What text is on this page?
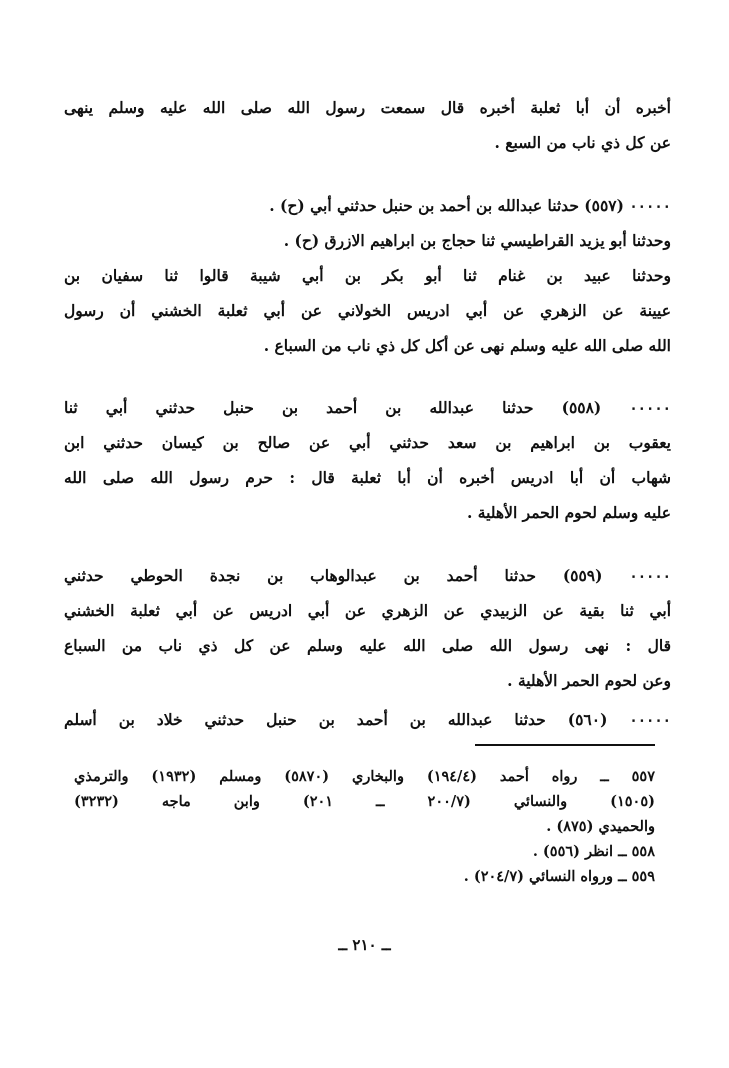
أخبره أن أبا ثعلبة أخبره قال سمعت رسول الله صلى الله عليه وسلم ينهى
عن كل ذي ناب من السبع .
٠٠٠٠٠ (٥٥٧) حدثنا عبدالله بن أحمد بن حنبل حدثني أبي (ح) .
وحدثنا أبو يزيد القراطيسي ثنا حجاج بن ابراهيم الازرق (ح) .
وحدثنا عبيد بن غنام ثنا أبو بكر بن أبي شيبة قالوا ثنا سفيان بن
عيينة عن الزهري عن أبي ادريس الخولاني عن أبي ثعلبة الخشني أن رسول
الله صلى الله عليه وسلم نهى عن أكل كل ذي ناب من السباع .
٠٠٠٠٠ (٥٥٨) حدثنا عبدالله بن أحمد بن حنبل حدثني أبي ثنا
يعقوب بن ابراهيم بن سعد حدثني أبي عن صالح بن كيسان حدثني ابن
شهاب أن أبا ادريس أخبره أن أبا ثعلبة قال : حرم رسول الله صلى الله
عليه وسلم لحوم الحمر الأهلية .
٠٠٠٠٠ (٥٥٩) حدثنا أحمد بن عبدالوهاب بن نجدة الحوطي حدثني
أبي ثنا بقية عن الزبيدي عن الزهري عن أبي ادريس عن أبي ثعلبة الخشني
قال : نهى رسول الله صلى الله عليه وسلم عن كل ذي ناب من السباع
وعن لحوم الحمر الأهلية .
٠٠٠٠٠ (٥٦٠) حدثنا عبدالله بن أحمد بن حنبل حدثني خلاد بن أسلم
٥٥٧ ــ رواه أحمد (١٩٤/٤) والبخاري (٥٨٧٠) ومسلم (١٩٣٢) والترمذي
(١٥٠٥) والنسائي (٢٠٠/٧ ــ ٢٠١) وابن ماجه (٣٢٣٢)
والحميدي (٨٧٥) .
٥٥٨ ــ انظر (٥٥٦) .
٥٥٩ ــ ورواه النسائي (٢٠٤/٧) .
ــ ٢١٠ ــ
